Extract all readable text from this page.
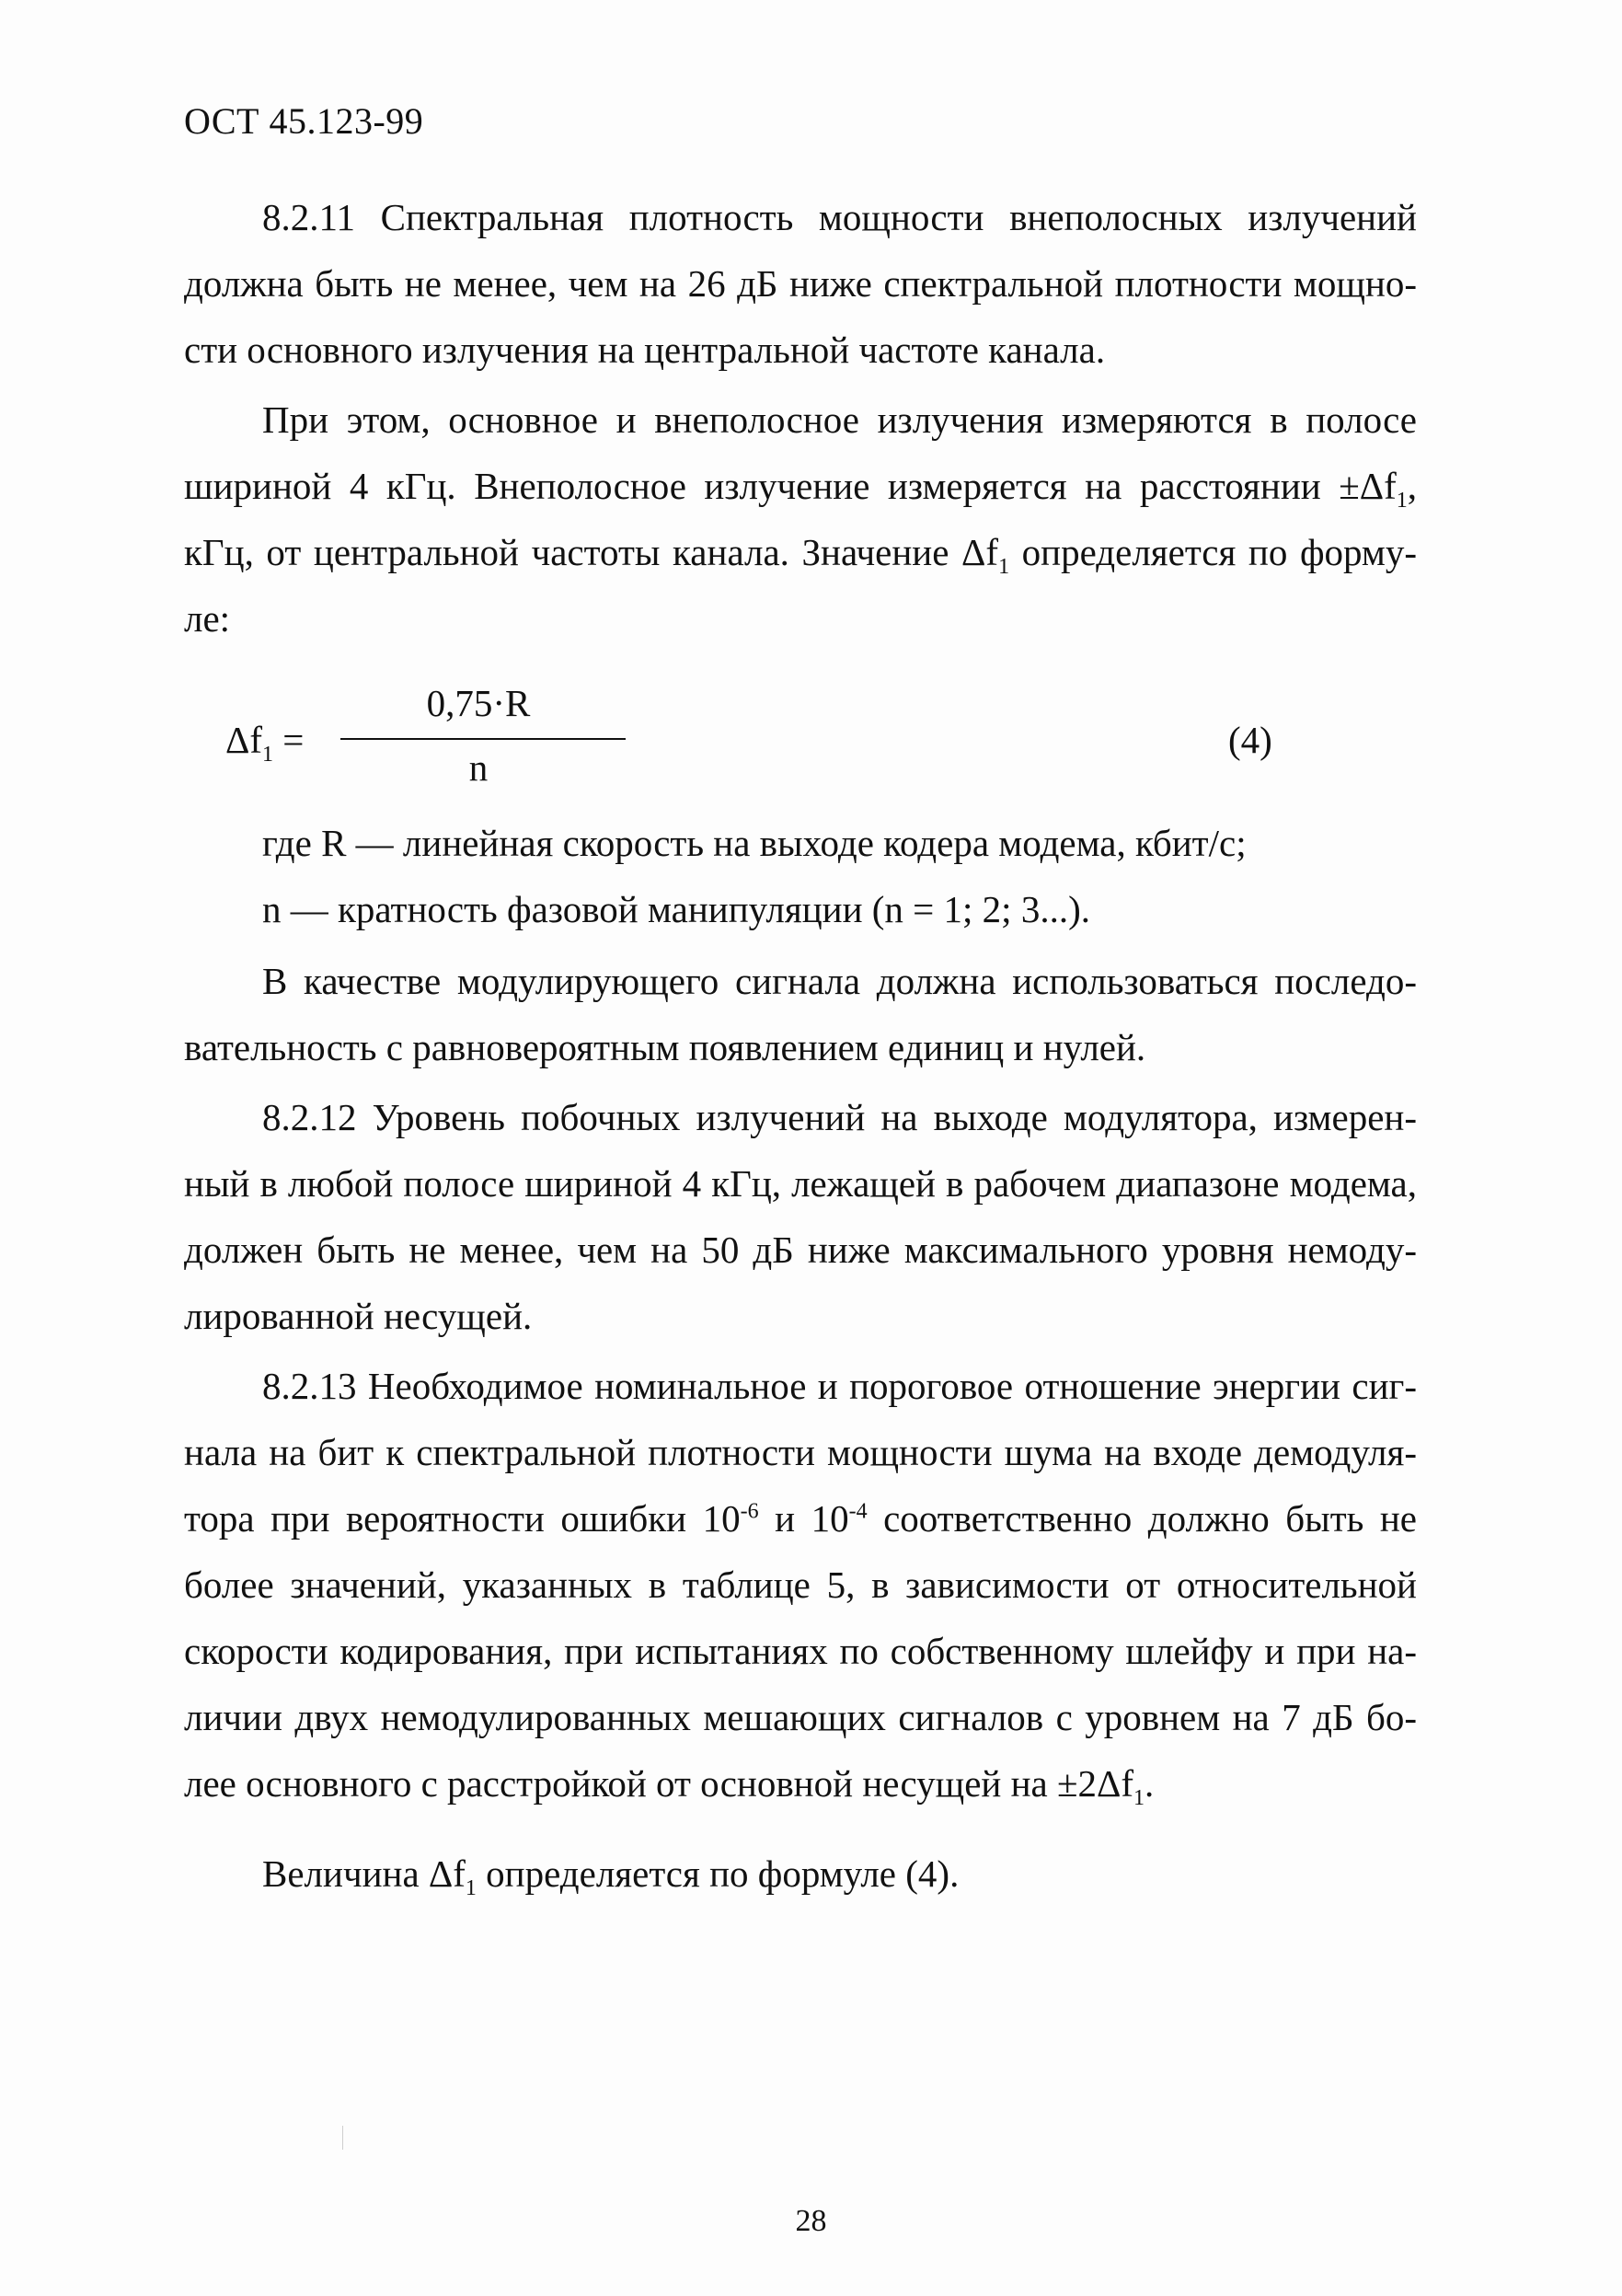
ОСТ 45.123-99
8.2.11 Спектральная плотность мощности внеполосных излучений
должна быть не менее, чем на 26 дБ ниже спектральной плотности мощно-
сти основного излучения на центральной частоте канала.
При этом, основное и внеполосное излучения измеряются в полосе
шириной 4 кГц. Внеполосное излучение измеряется на расстоянии $\pm\Delta f_1$,
кГц, от центральной частоты канала. Значение $\Delta f_1$ определяется по форму-
ле:
$\Delta f_1$ =
0,75·R
n
(4)
где R — линейная скорость на выходе кодера модема, кбит/с;
n — кратность фазовой манипуляции (n = 1; 2; 3...).
В качестве модулирующего сигнала должна использоваться последо-
вательность с равновероятным появлением единиц и нулей.
8.2.12 Уровень побочных излучений на выходе модулятора, измерен-
ный в любой полосе шириной 4 кГц, лежащей в рабочем диапазоне модема,
должен быть не менее, чем на 50 дБ ниже максимального уровня немоду-
лированной несущей.
8.2.13 Необходимое номинальное и пороговое отношение энергии сиг-
нала на бит к спектральной плотности мощности шума на входе демодуля-
тора при вероятности ошибки $10^{-6}$ и $10^{-4}$ соответственно должно быть не
более значений, указанных в таблице 5, в зависимости от относительной
скорости кодирования, при испытаниях по собственному шлейфу и при на-
личии двух немодулированных мешающих сигналов с уровнем на 7 дБ бо-
лее основного с расстройкой от основной несущей на $\pm 2\Delta f_1$.
Величина $\Delta f_1$ определяется по формуле (4).
28
